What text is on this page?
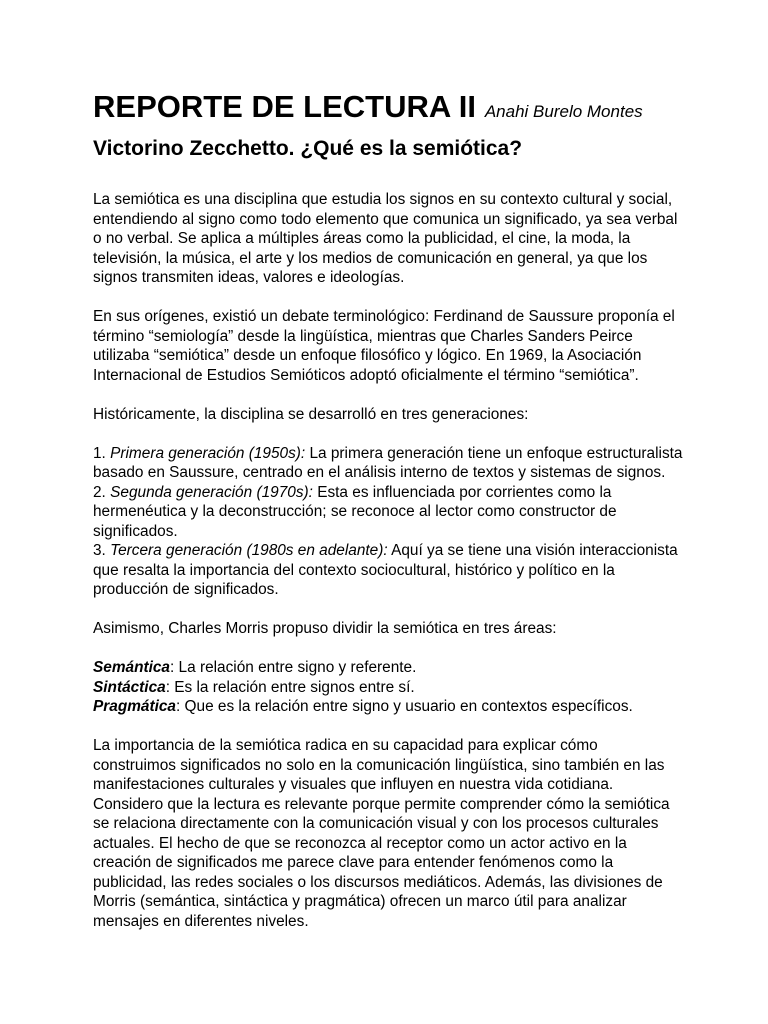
REPORTE DE LECTURA II Anahi Burelo Montes
Victorino Zecchetto. ¿Qué es la semiótica?

La semiótica es una disciplina que estudia los signos en su contexto cultural y social, entendiendo al signo como todo elemento que comunica un significado, ya sea verbal o no verbal. Se aplica a múltiples áreas como la publicidad, el cine, la moda, la televisión, la música, el arte y los medios de comunicación en general, ya que los signos transmiten ideas, valores e ideologías.

En sus orígenes, existió un debate terminológico: Ferdinand de Saussure proponía el término “semiología” desde la lingüística, mientras que Charles Sanders Peirce utilizaba “semiótica” desde un enfoque filosófico y lógico. En 1969, la Asociación Internacional de Estudios Semióticos adoptó oficialmente el término “semiótica”.

Históricamente, la disciplina se desarrolló en tres generaciones:

1. Primera generación (1950s): La primera generación tiene un enfoque estructuralista basado en Saussure, centrado en el análisis interno de textos y sistemas de signos.

2. Segunda generación (1970s): Esta es influenciada por corrientes como la hermenéutica y la deconstrucción; se reconoce al lector como constructor de significados.

3. Tercera generación (1980s en adelante): Aquí ya se tiene una visión interaccionista que resalta la importancia del contexto sociocultural, histórico y político en la producción de significados.

Asimismo, Charles Morris propuso dividir la semiótica en tres áreas:

Semántica: La relación entre signo y referente.

Sintáctica: Es la relación entre signos entre sí.

Pragmática: Que es la relación entre signo y usuario en contextos específicos.

La importancia de la semiótica radica en su capacidad para explicar cómo construimos significados no solo en la comunicación lingüística, sino también en las manifestaciones culturales y visuales que influyen en nuestra vida cotidiana. Considero que la lectura es relevante porque permite comprender cómo la semiótica se relaciona directamente con la comunicación visual y con los procesos culturales actuales. El hecho de que se reconozca al receptor como un actor activo en la creación de significados me parece clave para entender fenómenos como la publicidad, las redes sociales o los discursos mediáticos. Además, las divisiones de Morris (semántica, sintáctica y pragmática) ofrecen un marco útil para analizar mensajes en diferentes niveles.
